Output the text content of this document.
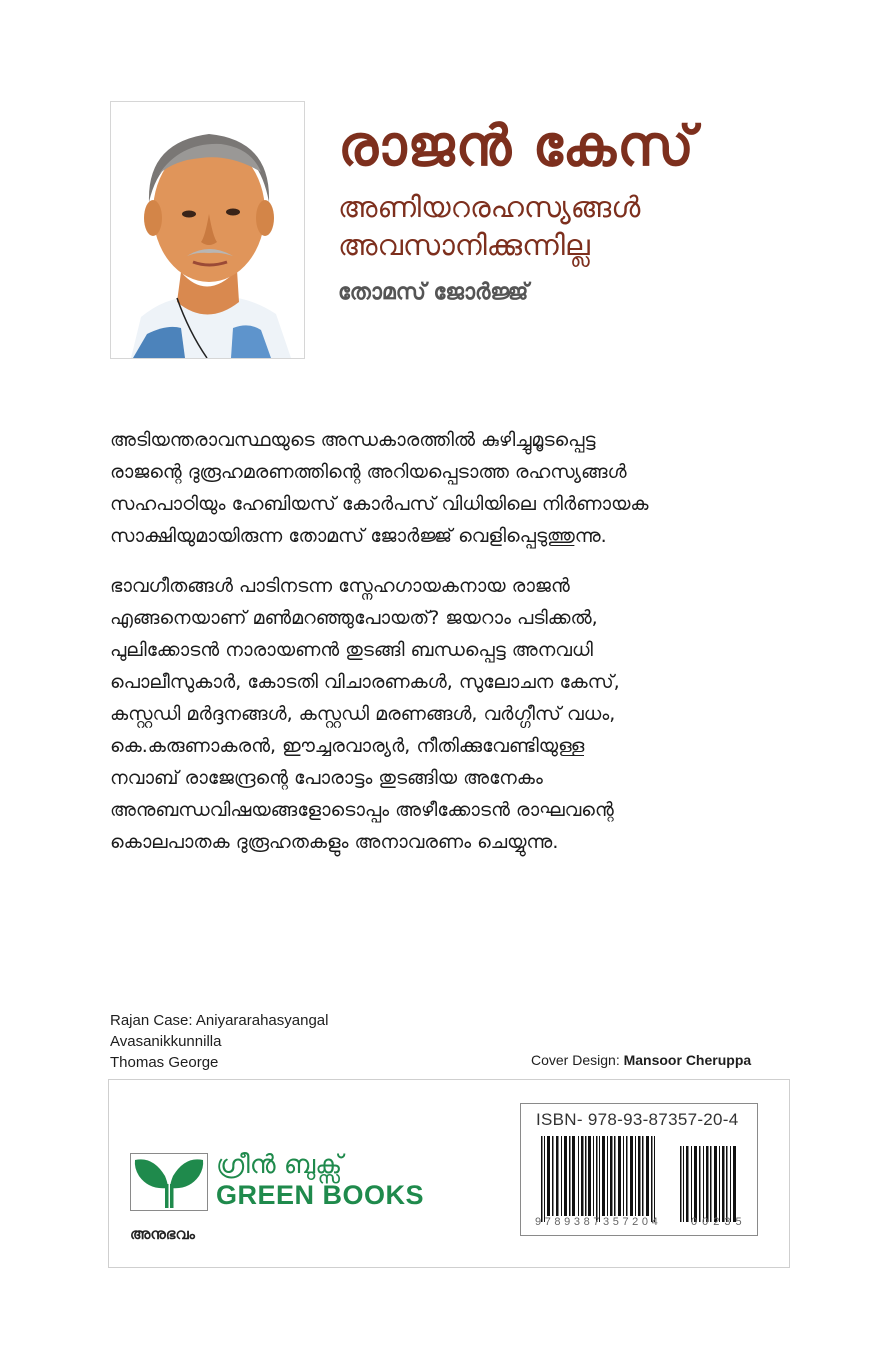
രാജൻ കേസ്
അണിയറരഹസ്യങ്ങൾ
അവസാനിക്കുന്നില്ല
തോമസ് ജോർജ്ജ്

അടിയന്തരാവസ്ഥയുടെ അന്ധകാരത്തിൽ കുഴിച്ചുമൂടപ്പെട്ട
രാജന്റെ ദുരൂഹമരണത്തിന്റെ അറിയപ്പെടാത്ത രഹസ്യങ്ങൾ
സഹപാഠിയും ഹേബിയസ് കോർപസ് വിധിയിലെ നിർണായക
സാക്ഷിയുമായിരുന്ന തോമസ് ജോർജ്ജ് വെളിപ്പെടുത്തുന്നു.

ഭാവഗീതങ്ങൾ പാടിനടന്ന സ്നേഹഗായകനായ രാജൻ
എങ്ങനെയാണ് മൺമറഞ്ഞുപോയത്? ജയറാം പടിക്കൽ,
പുലിക്കോടൻ നാരായണൻ തുടങ്ങി ബന്ധപ്പെട്ട അനവധി
പൊലീസുകാർ, കോടതി വിചാരണകൾ, സുലോചന കേസ്,
കസ്റ്റഡി മർദ്ദനങ്ങൾ, കസ്റ്റഡി മരണങ്ങൾ, വർഗ്ഗീസ് വധം,
കെ.കരുണാകരൻ, ഈച്ചരവാര്യർ, നീതിക്കുവേണ്ടിയുള്ള
നവാബ് രാജേന്ദ്രന്റെ പോരാട്ടം തുടങ്ങിയ അനേകം
അനുബന്ധവിഷയങ്ങളോടൊപ്പം അഴീക്കോടൻ രാഘവന്റെ
കൊലപാതക ദുരൂഹതകളും അനാവരണം ചെയ്യുന്നു.

Rajan Case: Aniyararahasyangal
Avasanikkunnilla
Thomas George	Cover Design: Mansoor Cheruppa
ഗ്രീൻ ബുക്സ്
GREEN BOOKS
അനുഭവം
ISBN- 978-93-87357-20-4
9789387357204	00235
